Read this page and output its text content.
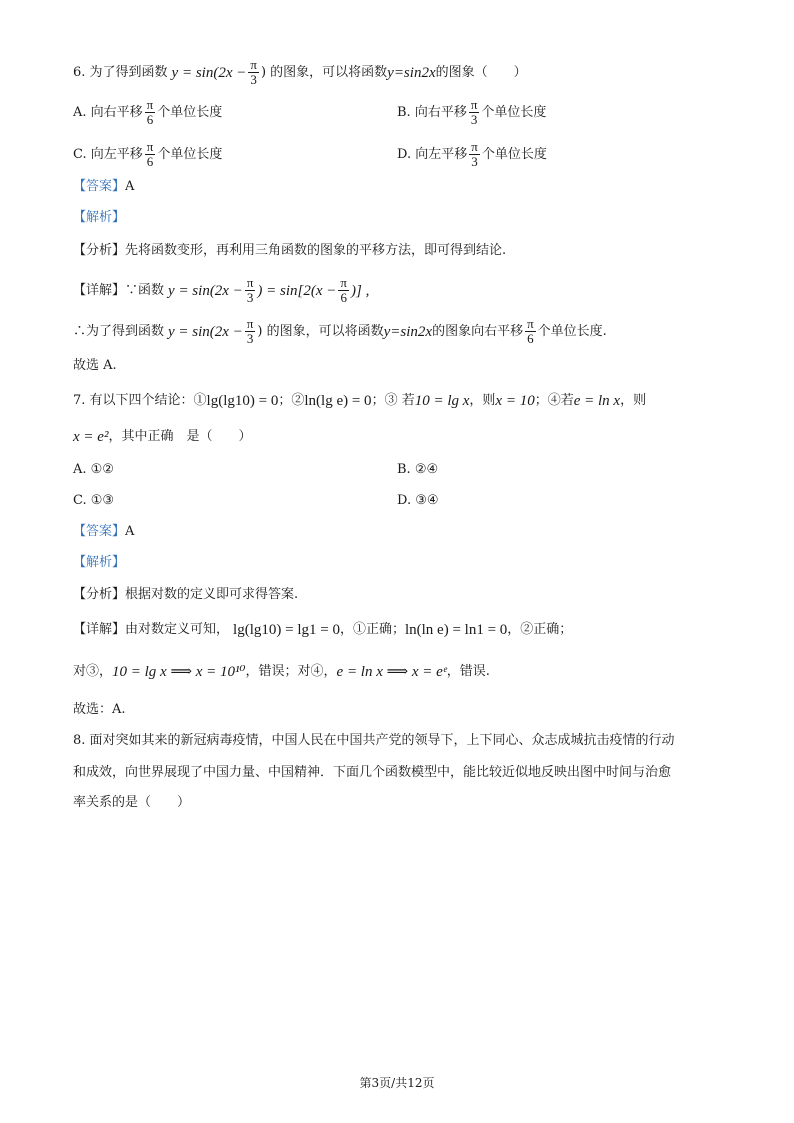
6. 为了得到函数 $y = \sin(2x - \frac{\pi}{3}$ ) 的图象，可以将函数 y=sin2x 的图象（　　）
A. 向右平移 $\frac{\pi}{6}$ 个单位长度	B. 向右平移 $\frac{\pi}{3}$ 个单位长度
C. 向左平移 $\frac{\pi}{6}$ 个单位长度	D. 向左平移 $\frac{\pi}{3}$ 个单位长度
【答案】 A
【解析】
【分析】 先将函数变形，再利用三角函数的图象的平移方法，即可得到结论.
【详解】 ∵函数 $y = \sin(2x - \frac{\pi}{3}$ ) = $\sin[2(x - \frac{\pi}{6}$ )] ,
∴为了得到函数 $y = \sin(2x - \frac{\pi}{3}$ ) 的图象，可以将函数 y=sin2x 的图象向右平移 $\frac{\pi}{6}$ 个单位长度.
故选 A.
7. 有以下四个结论：① lg(lg10) = 0 ；② ln(lg e) = 0 ；③ 若 10 = lg x ，则 x = 10 ；④若 e = ln x ，则
x = e² ，其中正确　是（　　）
A. ①②	B. ②④
C. ①③	D. ③④
【答案】 A
【解析】
【分析】 根据对数的定义即可求得答案.
【详解】 由对数定义可知， lg(lg10) = lg1 = 0 ，①正确； ln(ln e) = ln1 = 0 ，②正确；
对③， 10 = lg x ⟹ x = 10¹⁰ ，错误；对④， e = ln x ⟹ x = eᵉ ，错误.
故选：A.
8. 面对突如其来的新冠病毒疫情，中国人民在中国共产党的领导下，上下同心、众志成城抗击疫情的行动
和成效，向世界展现了中国力量、中国精神．下面几个函数模型中，能比较近似地反映出图中时间与治愈
率关系的是（　　）
第3页/共12页
